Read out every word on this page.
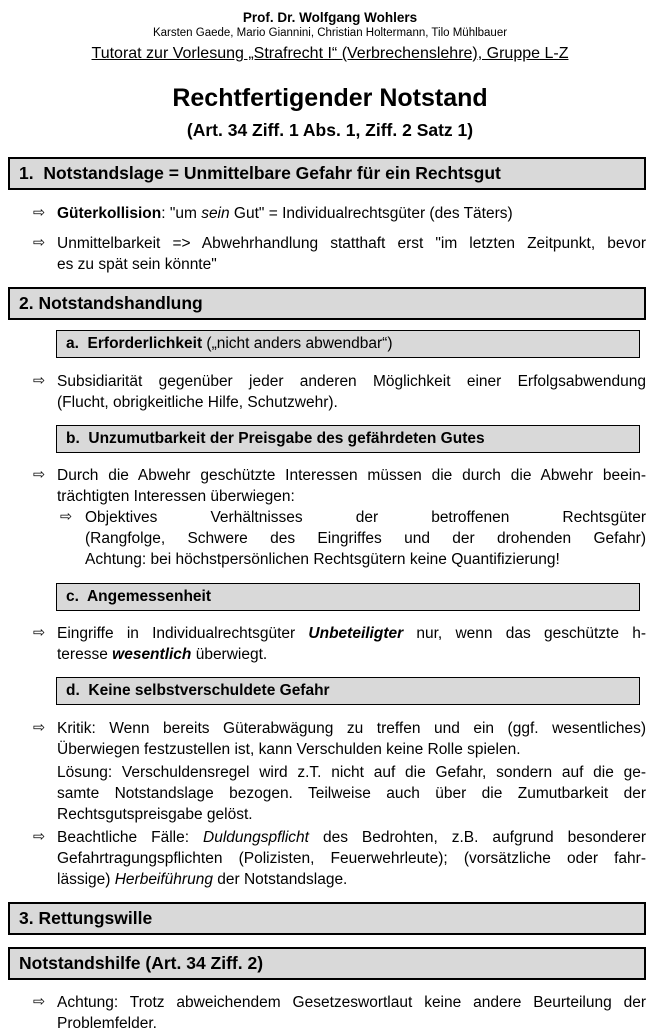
Prof. Dr. Wolfgang Wohlers
Karsten Gaede, Mario Giannini, Christian Holtermann, Tilo Mühlbauer
Tutorat zur Vorlesung „Strafrecht I“ (Verbrechenslehre), Gruppe L-Z
Rechtfertigender Notstand
(Art. 34 Ziff. 1 Abs. 1, Ziff. 2 Satz 1)
1.  Notstandslage = Unmittelbare Gefahr für ein Rechtsgut
⇨ Güterkollision: "um sein Gut" = Individualrechtsgüter (des Täters)
⇨ Unmittelbarkeit => Abwehrhandlung statthaft erst "im letzten Zeitpunkt, bevor
es zu spät sein könnte"
2. Notstandshandlung
a.  Erforderlichkeit („nicht anders abwendbar“)
⇨ Subsidiarität gegenüber jeder anderen Möglichkeit einer Erfolgsabwendung
(Flucht, obrigkeitliche Hilfe, Schutzwehr).
b.  Unzumutbarkeit der Preisgabe des gefährdeten Gutes
⇨ Durch die Abwehr geschützte Interessen müssen die durch die Abwehr beein-
trächtigten Interessen überwiegen:
⇨ Objektives Verhältnisses der betroffenen Rechtsgüter
(Rangfolge, Schwere des Eingriffes und der drohenden Gefahr)
Achtung: bei höchstpersönlichen Rechtsgütern keine Quantifizierung!
c.  Angemessenheit
⇨ Eingriffe in Individualrechtsgüter Unbeteiligter nur, wenn das geschützte h-
teresse wesentlich überwiegt.
d.  Keine selbstverschuldete Gefahr
⇨ Kritik: Wenn bereits Güterabwägung zu treffen und ein (ggf. wesentliches)
Überwiegen festzustellen ist, kann Verschulden keine Rolle spielen.
Lösung: Verschuldensregel wird z.T. nicht auf die Gefahr, sondern auf die ge-
samte Notstandslage bezogen. Teilweise auch über die Zumutbarkeit der
Rechtsgutspreisgabe gelöst.
⇨ Beachtliche Fälle: Duldungspflicht des Bedrohten, z.B. aufgrund besonderer
Gefahrtragungspflichten (Polizisten, Feuerwehrleute); (vorsätzliche oder fahr-
lässige) Herbeiführung der Notstandslage.
3. Rettungswille
Notstandshilfe (Art. 34 Ziff. 2)
⇨ Achtung: Trotz abweichendem Gesetzeswortlaut keine andere Beurteilung der
Problemfelder.
